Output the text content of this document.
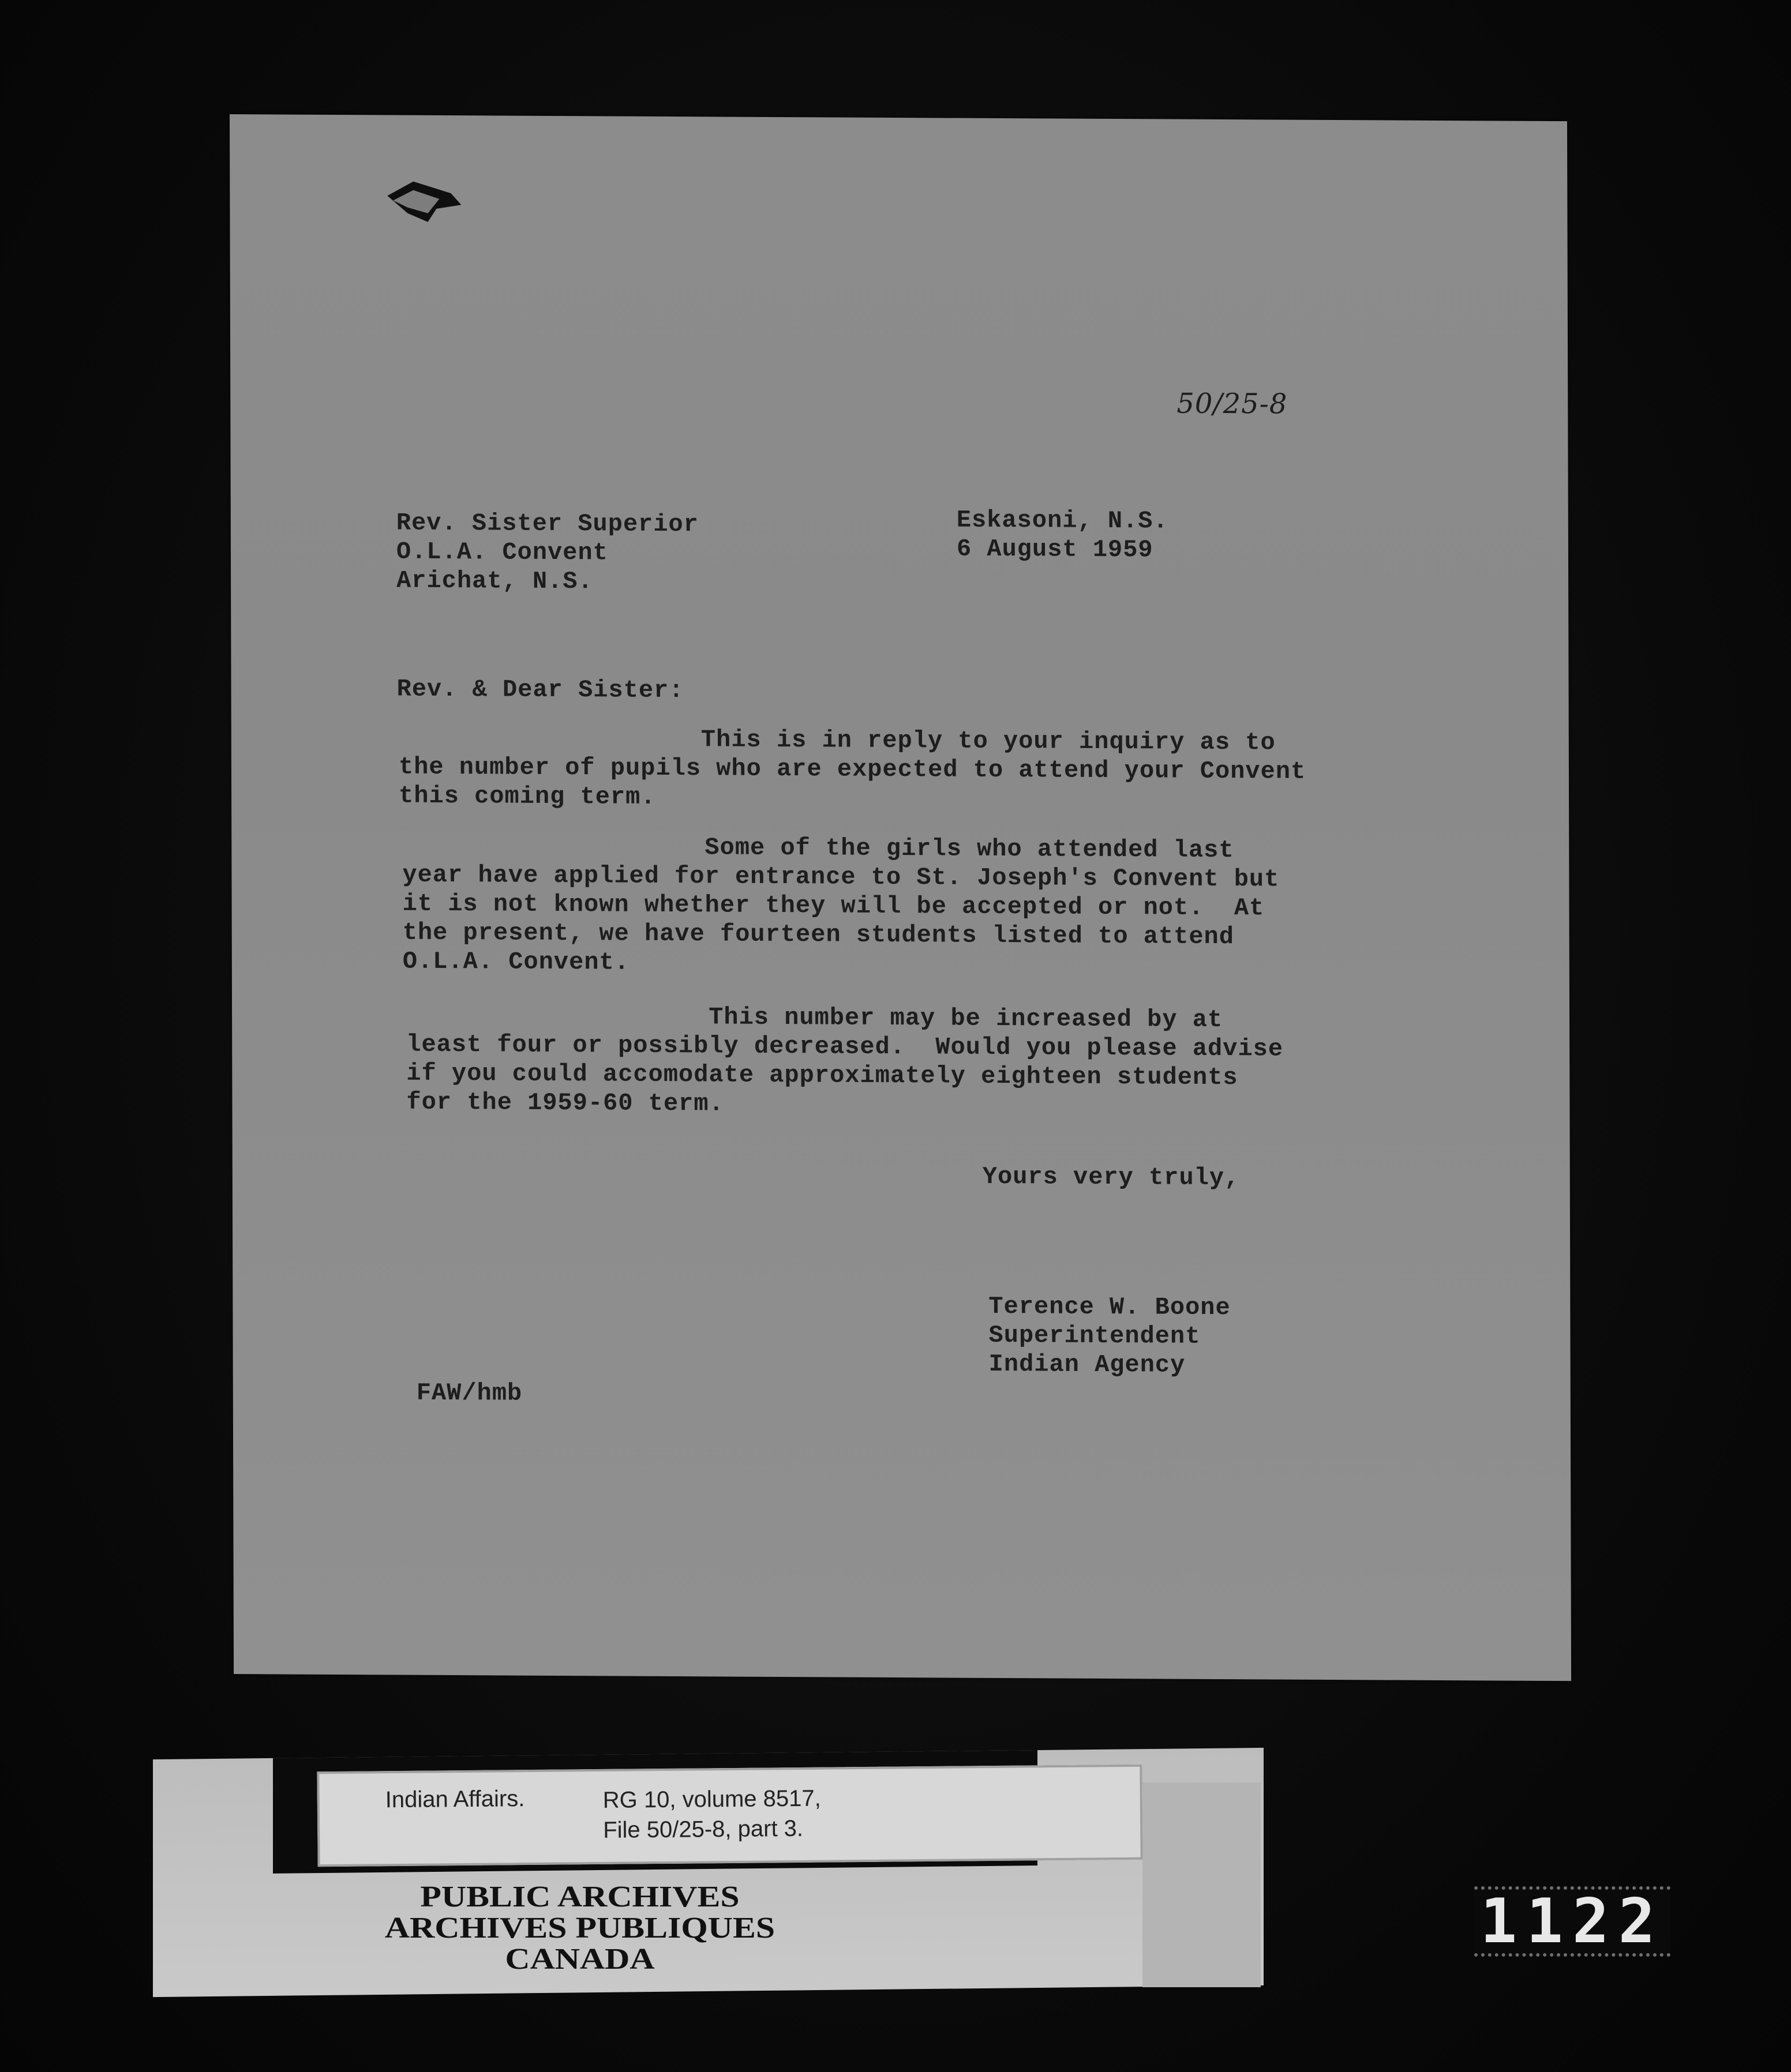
50/25-8
Rev. Sister Superior
O.L.A. Convent
Arichat, N.S.
Eskasoni, N.S.
6 August 1959
Rev. & Dear Sister:
This is in reply to your inquiry as to
the number of pupils who are expected to attend your Convent
this coming term.
Some of the girls who attended last
year have applied for entrance to St. Joseph's Convent but
it is not known whether they will be accepted or not.  At
the present, we have fourteen students listed to attend
O.L.A. Convent.
This number may be increased by at
least four or possibly decreased.  Would you please advise
if you could accomodate approximately eighteen students
for the 1959-60 term.
Yours very truly,
Terence W. Boone
Superintendent
Indian Agency
FAW/hmb
Indian Affairs.	RG 10, volume 8517,
File 50/25-8, part 3.
PUBLIC ARCHIVES
ARCHIVES PUBLIQUES
CANADA
1122
